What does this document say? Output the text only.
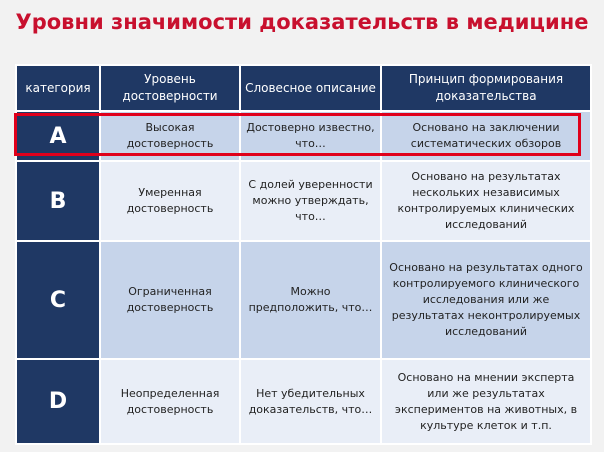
Уровни значимости доказательств в медицине
категория	Уровень достоверности	Словесное описание	Принцип формирования доказательства
A	Высокая достоверность	Достоверно известно, что…	Основано на заключении систематических обзоров
B	Умеренная достоверность	С долей уверенности можно утверждать, что…	Основано на результатах нескольких независимых контролируемых клинических исследований
C	Ограниченная достоверность	Можно предположить, что…	Основано на результатах одного контролируемого клинического исследования или же результатах неконтролируемых исследований
D	Неопределенная достоверность	Нет убедительных доказательств, что…	Основано на мнении эксперта или же результатах экспериментов на животных, в культуре клеток и т.п.
